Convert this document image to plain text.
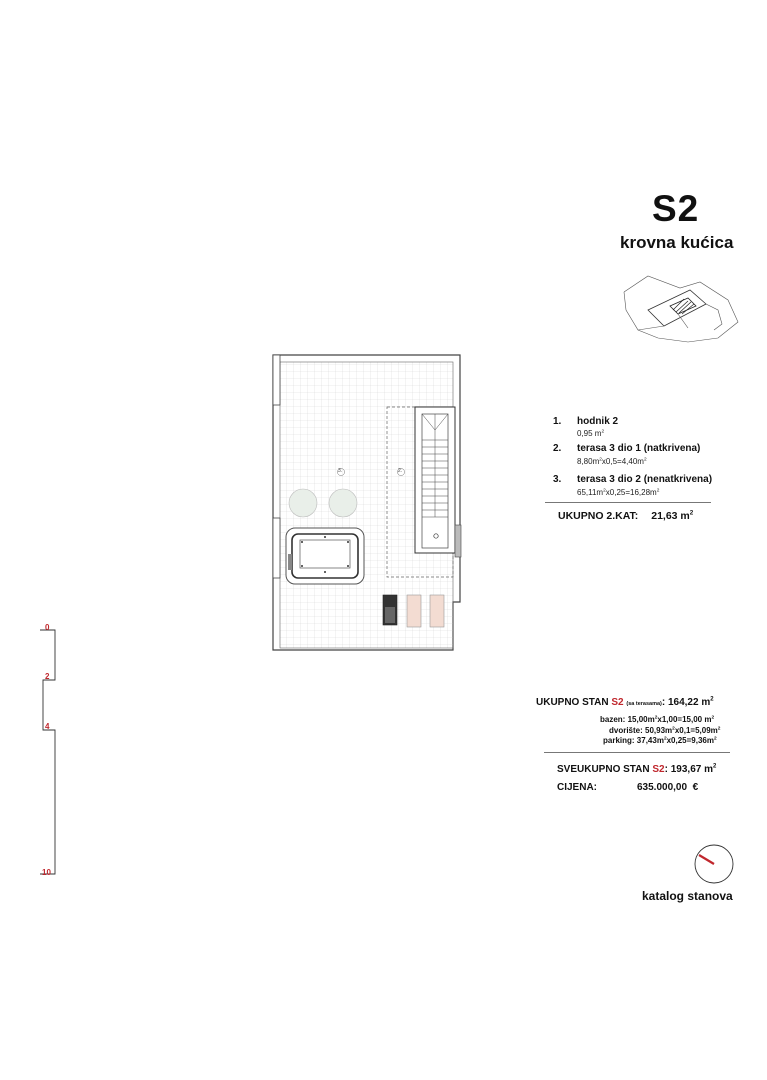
S2
krovna kućica
3.	2.
1. hodnik 2
0,95 $m^2$
2. terasa 3 dio 1 (natkrivena)
$8,80m^2x0,5=4,40m^2$
3. terasa 3 dio 2 (nenatkrivena)
$65,11m^2x0,25=16,28m^2$
UKUPNO 2.KAT: 21,63 $m^2$
UKUPNO STAN S2 (sa terasama): 164,22 $m^2$
bazen: $15,00m^2x1,00=15,00$ $m^2$
dvorište: $50,93m^2x0,1=5,09m^2$
parking: $37,43m^2x0,25=9,36m^2$
SVEUKUPNO STAN S2: 193,67 $m^2$
CIJENA:	635.000,00 €
0
2
4
10
katalog stanova
